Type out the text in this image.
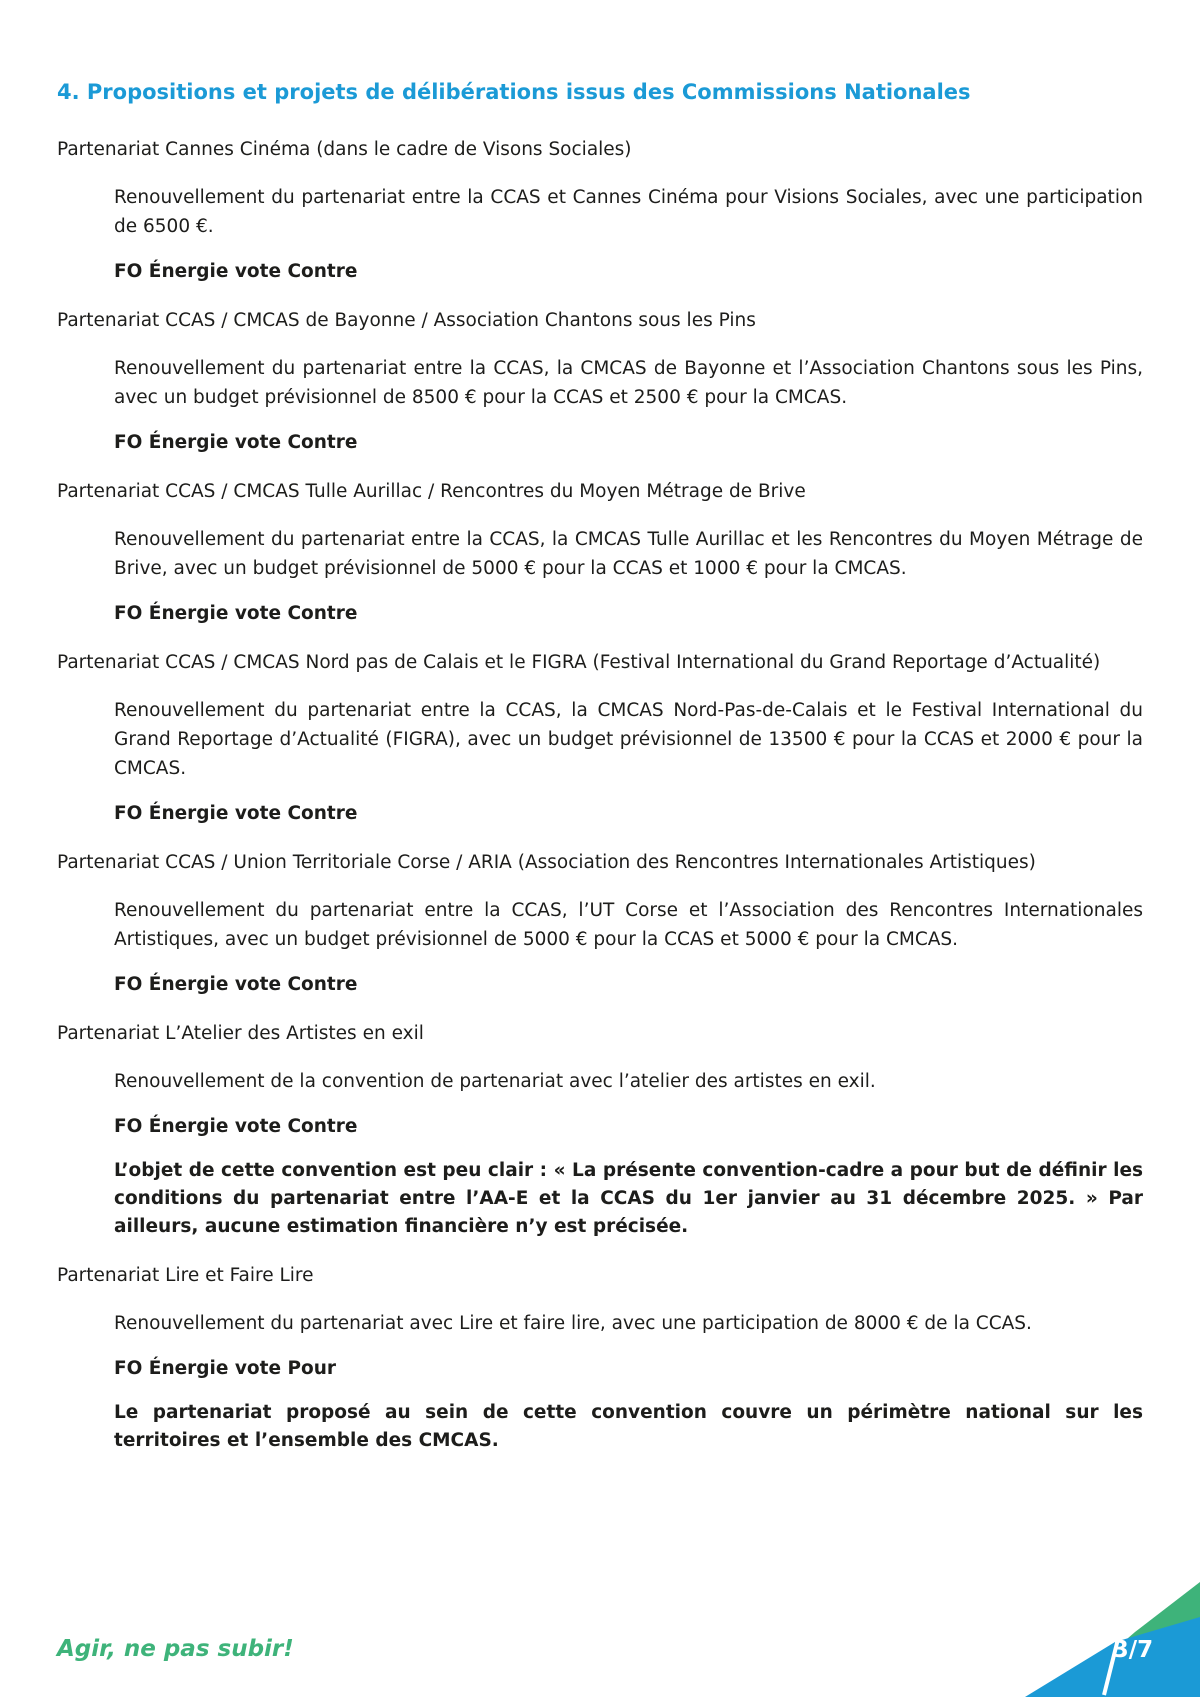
4. Propositions et projets de délibérations issus des Commissions Nationales

Partenariat Cannes Cinéma (dans le cadre de Visons Sociales)

Renouvellement du partenariat entre la CCAS et Cannes Cinéma pour Visions Sociales, avec une participation de 6500 €.

FO Énergie vote Contre

Partenariat CCAS / CMCAS de Bayonne / Association Chantons sous les Pins

Renouvellement du partenariat entre la CCAS, la CMCAS de Bayonne et l’Association Chantons sous les Pins, avec un budget prévisionnel de 8500 € pour la CCAS et 2500 € pour la CMCAS.

FO Énergie vote Contre

Partenariat CCAS / CMCAS Tulle Aurillac / Rencontres du Moyen Métrage de Brive

Renouvellement du partenariat entre la CCAS, la CMCAS Tulle Aurillac et les Rencontres du Moyen Métrage de Brive, avec un budget prévisionnel de 5000 € pour la CCAS et 1000 € pour la CMCAS.

FO Énergie vote Contre

Partenariat CCAS / CMCAS Nord pas de Calais et le FIGRA (Festival International du Grand Reportage d’Actualité)

Renouvellement du partenariat entre la CCAS, la CMCAS Nord-Pas-de-Calais et le Festival International du Grand Reportage d’Actualité (FIGRA), avec un budget prévisionnel de 13500 € pour la CCAS et 2000 € pour la CMCAS.

FO Énergie vote Contre

Partenariat CCAS / Union Territoriale Corse / ARIA (Association des Rencontres Internationales Artistiques)

Renouvellement du partenariat entre la CCAS, l’UT Corse et l’Association des Rencontres Internationales Artistiques, avec un budget prévisionnel de 5000 € pour la CCAS et 5000 € pour la CMCAS.

FO Énergie vote Contre

Partenariat L’Atelier des Artistes en exil

Renouvellement de la convention de partenariat avec l’atelier des artistes en exil.

FO Énergie vote Contre

L’objet de cette convention est peu clair : « La présente convention-cadre a pour but de définir les conditions du partenariat entre l’AA-E et la CCAS du 1er janvier au 31 décembre 2025. » Par ailleurs, aucune estimation financière n’y est précisée.

Partenariat Lire et Faire Lire

Renouvellement du partenariat avec Lire et faire lire, avec une participation de 8000 € de la CCAS.

FO Énergie vote Pour

Le partenariat proposé au sein de cette convention couvre un périmètre national sur les territoires et l’ensemble des CMCAS.

Agir, ne pas subir!	3/7
